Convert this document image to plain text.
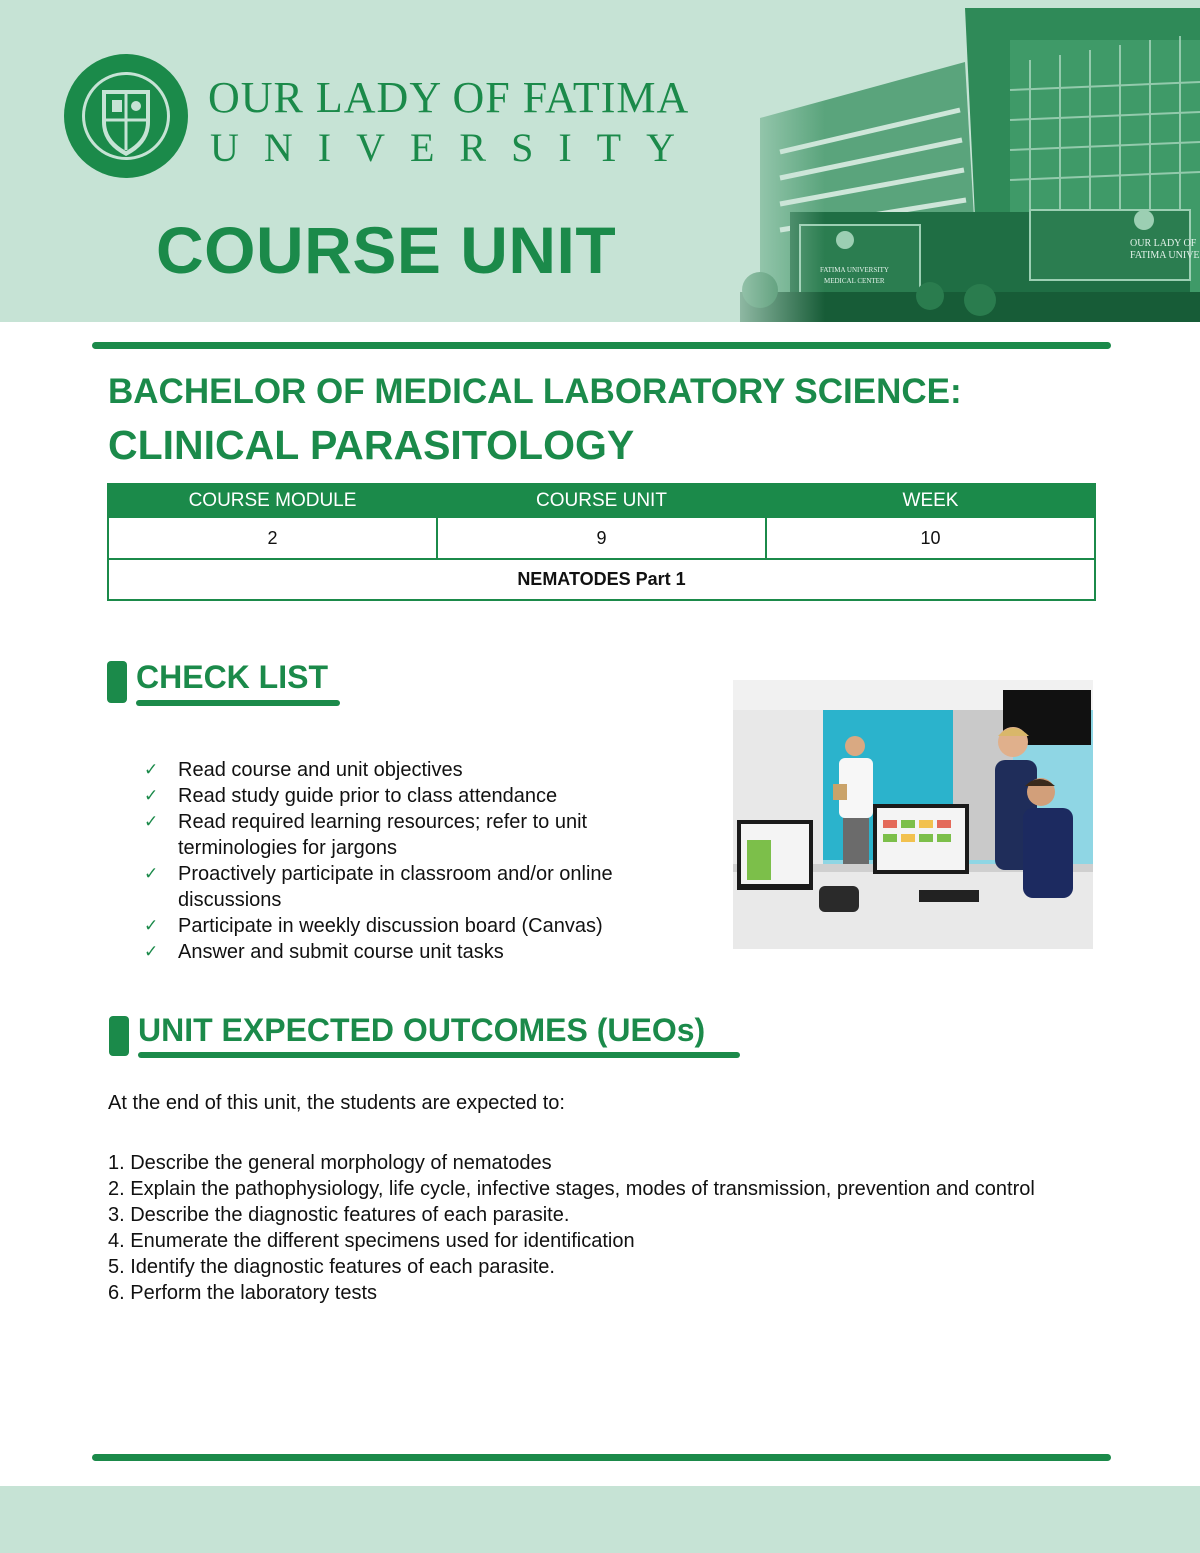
OUR LADY OF FATIMA
UNIVERSITY
COURSE UNIT
BACHELOR OF MEDICAL LABORATORY SCIENCE:
CLINICAL PARASITOLOGY
COURSE MODULE	COURSE UNIT	WEEK
2	9	10
NEMATODES Part 1		
CHECK LIST
✓ Read course and unit objectives
✓ Read study guide prior to class attendance
✓ Read required learning resources; refer to unit terminologies for jargons
✓ Proactively participate in classroom and/or online discussions
✓ Participate in weekly discussion board (Canvas)
✓ Answer and submit course unit tasks
UNIT EXPECTED OUTCOMES (UEOs)
At the end of this unit, the students are expected to:
1. Describe the general morphology of nematodes
2. Explain the pathophysiology, life cycle, infective stages, modes of transmission, prevention and control
3. Describe the diagnostic features of each parasite.
4. Enumerate the different specimens used for identification
5. Identify the diagnostic features of each parasite.
6. Perform the laboratory tests
